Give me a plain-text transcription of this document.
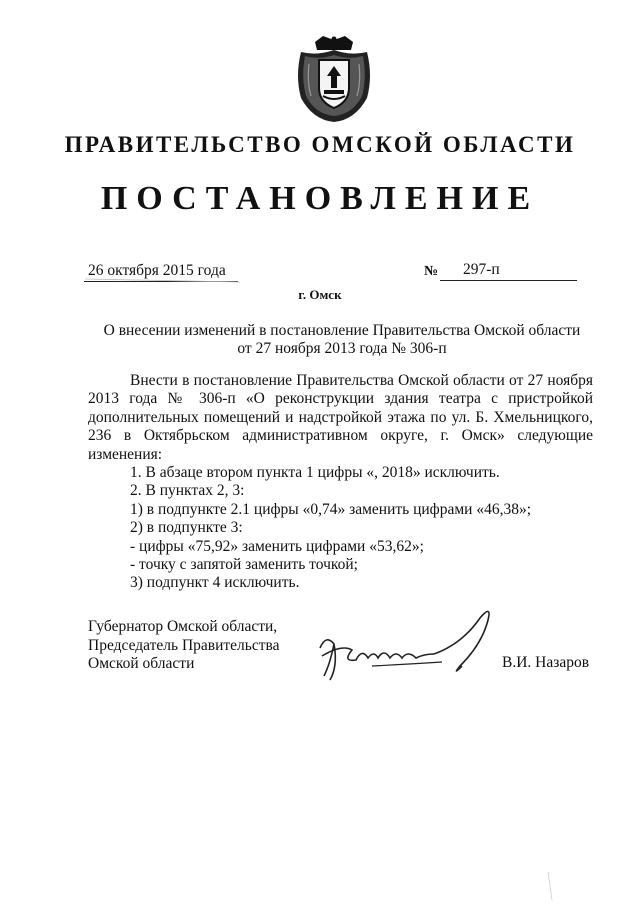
ПРАВИТЕЛЬСТВО ОМСКОЙ ОБЛАСТИ
ПОСТАНОВЛЕНИЕ
26 октября 2015 года	№ 297-п
г. Омск
О внесении изменений в постановление Правительства Омской области
от 27 ноября 2013 года № 306-п

Внести в постановление Правительства Омской области от 27 ноября 2013 года № 306-п «О реконструкции здания театра с пристройкой дополнительных помещений и надстройкой этажа по ул. Б. Хмельницкого, 236 в Октябрьском административном округе, г. Омск» следующие изменения:

1. В абзаце втором пункта 1 цифры «, 2018» исключить.

2. В пунктах 2, 3:

1) в подпункте 2.1 цифры «0,74» заменить цифрами «46,38»;

2) в подпункте 3:

- цифры «75,92» заменить цифрами «53,62»;

- точку с запятой заменить точкой;

3) подпункт 4 исключить.

Губернатор Омской области,
Председатель Правительства
Омской области	В.И. Назаров
